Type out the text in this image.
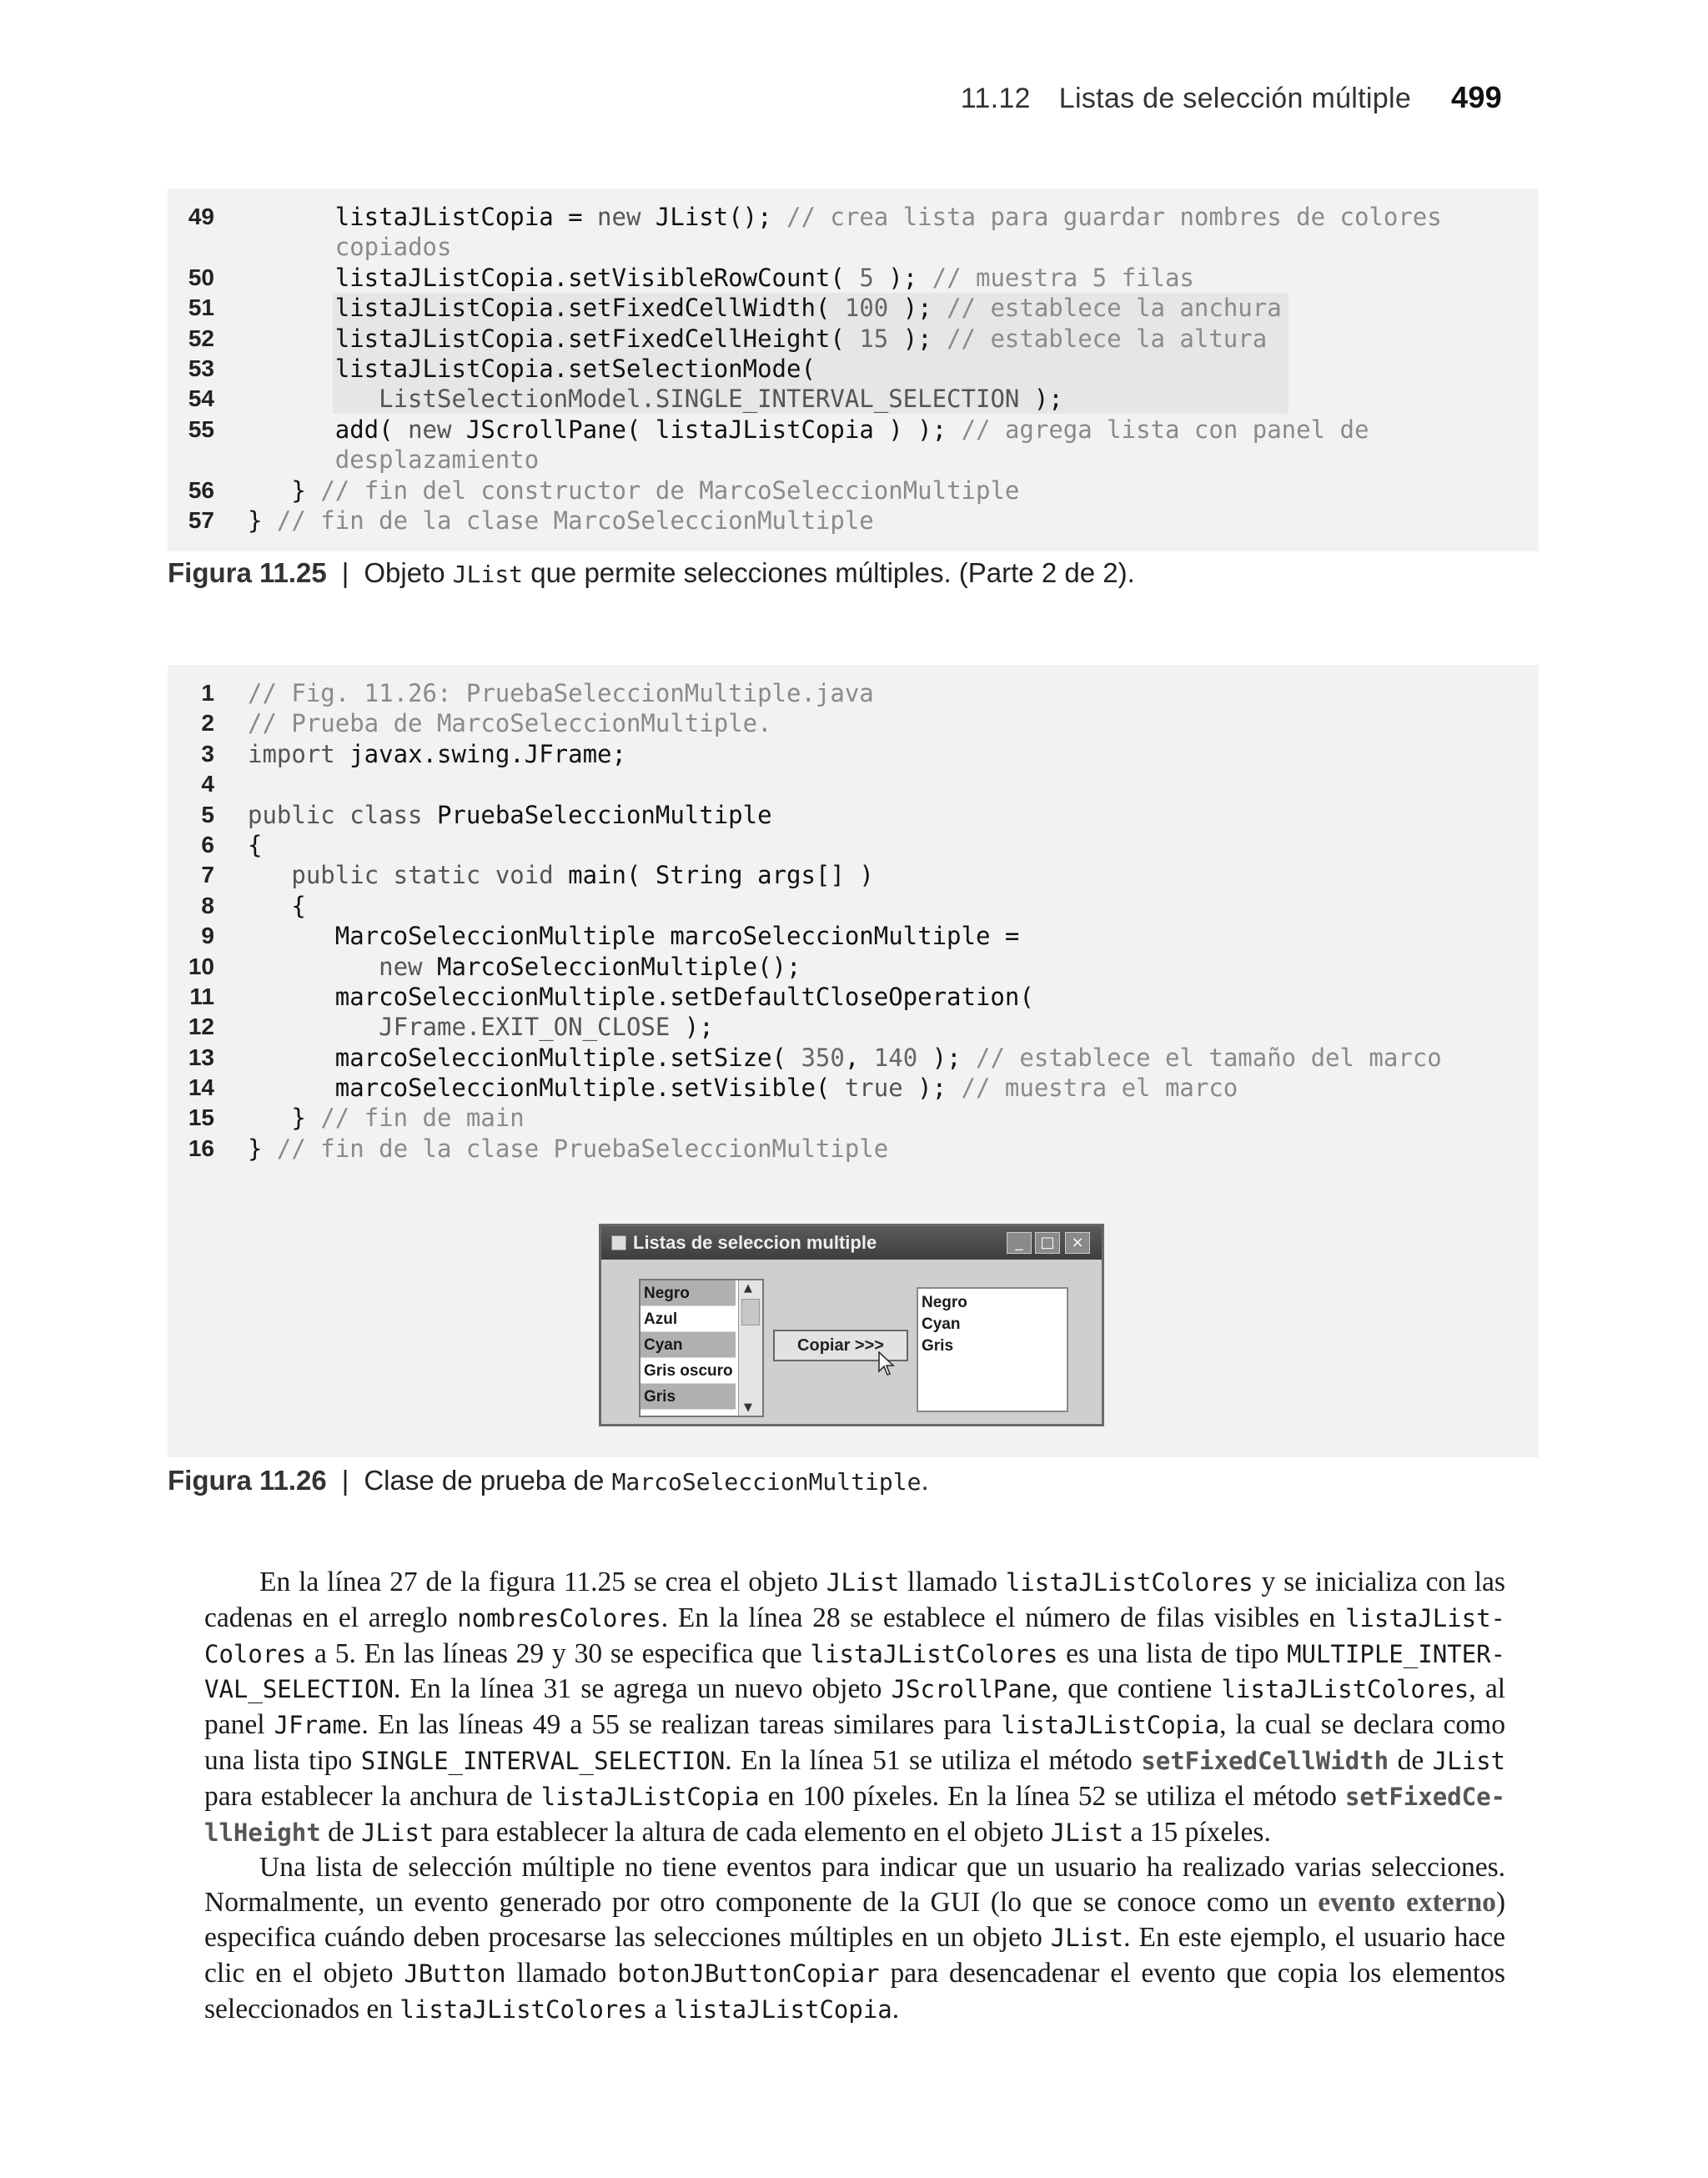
11.12 Listas de selección múltiple 499
49	listaJListCopia = new JList(); // crea lista para guardar nombres de colores
copiados
50	listaJListCopia.setVisibleRowCount( 5 ); // muestra 5 filas
51	listaJListCopia.setFixedCellWidth( 100 ); // establece la anchura
52	listaJListCopia.setFixedCellHeight( 15 ); // establece la altura
53	listaJListCopia.setSelectionMode(
54	ListSelectionModel.SINGLE_INTERVAL_SELECTION );
55	add( new JScrollPane( listaJListCopia ) ); // agrega lista con panel de
desplazamiento
56 } // fin del constructor de MarcoSeleccionMultiple
57 } // fin de la clase MarcoSeleccionMultiple
Figura 11.25 | Objeto JList que permite selecciones múltiples. (Parte 2 de 2).
1 // Fig. 11.26: PruebaSeleccionMultiple.java
2 // Prueba de MarcoSeleccionMultiple.
3 import javax.swing.JFrame;
4
5 public class PruebaSeleccionMultiple
6 {
7	public static void main( String args[] )
8 {
9 MarcoSeleccionMultiple marcoSeleccionMultiple =
10	new MarcoSeleccionMultiple();
11 marcoSeleccionMultiple.setDefaultCloseOperation(
12	JFrame.EXIT_ON_CLOSE );
13 marcoSeleccionMultiple.setSize( 350, 140 ); // establece el tamaño del marco
14 marcoSeleccionMultiple.setVisible( true ); // muestra el marco
15 } // fin de main
16 } // fin de la clase PruebaSeleccionMultiple
Listas de seleccion multiple	_	□	×
Negro
Azul
Cyan
Gris oscuro
Gris
▲
▼
Copiar >>>
Negro
Cyan
Gris
Figura 11.26 | Clase de prueba de MarcoSeleccionMultiple.

En la línea 27 de la figura 11.25 se crea el objeto JList llamado listaJListColores y se inicializa con las cadenas en el arreglo nombresColores. En la línea 28 se establece el número de filas visibles en listaJList-Colores a 5. En las líneas 29 y 30 se especifica que listaJListColores es una lista de tipo MULTIPLE_INTER-VAL_SELECTION. En la línea 31 se agrega un nuevo objeto JScrollPane, que contiene listaJListColores, al panel JFrame. En las líneas 49 a 55 se realizan tareas similares para listaJListCopia, la cual se declara como una lista tipo SINGLE_INTERVAL_SELECTION. En la línea 51 se utiliza el método setFixedCellWidth de JList para establecer la anchura de listaJListCopia en 100 píxeles. En la línea 52 se utiliza el método setFixedCe-llHeight de JList para establecer la altura de cada elemento en el objeto JList a 15 píxeles.

Una lista de selección múltiple no tiene eventos para indicar que un usuario ha realizado varias selecciones. Normalmente, un evento generado por otro componente de la GUI (lo que se conoce como un evento externo) especifica cuándo deben procesarse las selecciones múltiples en un objeto JList. En este ejemplo, el usuario hace clic en el objeto JButton llamado botonJButtonCopiar para desencadenar el evento que copia los elementos seleccionados en listaJListColores a listaJListCopia.
